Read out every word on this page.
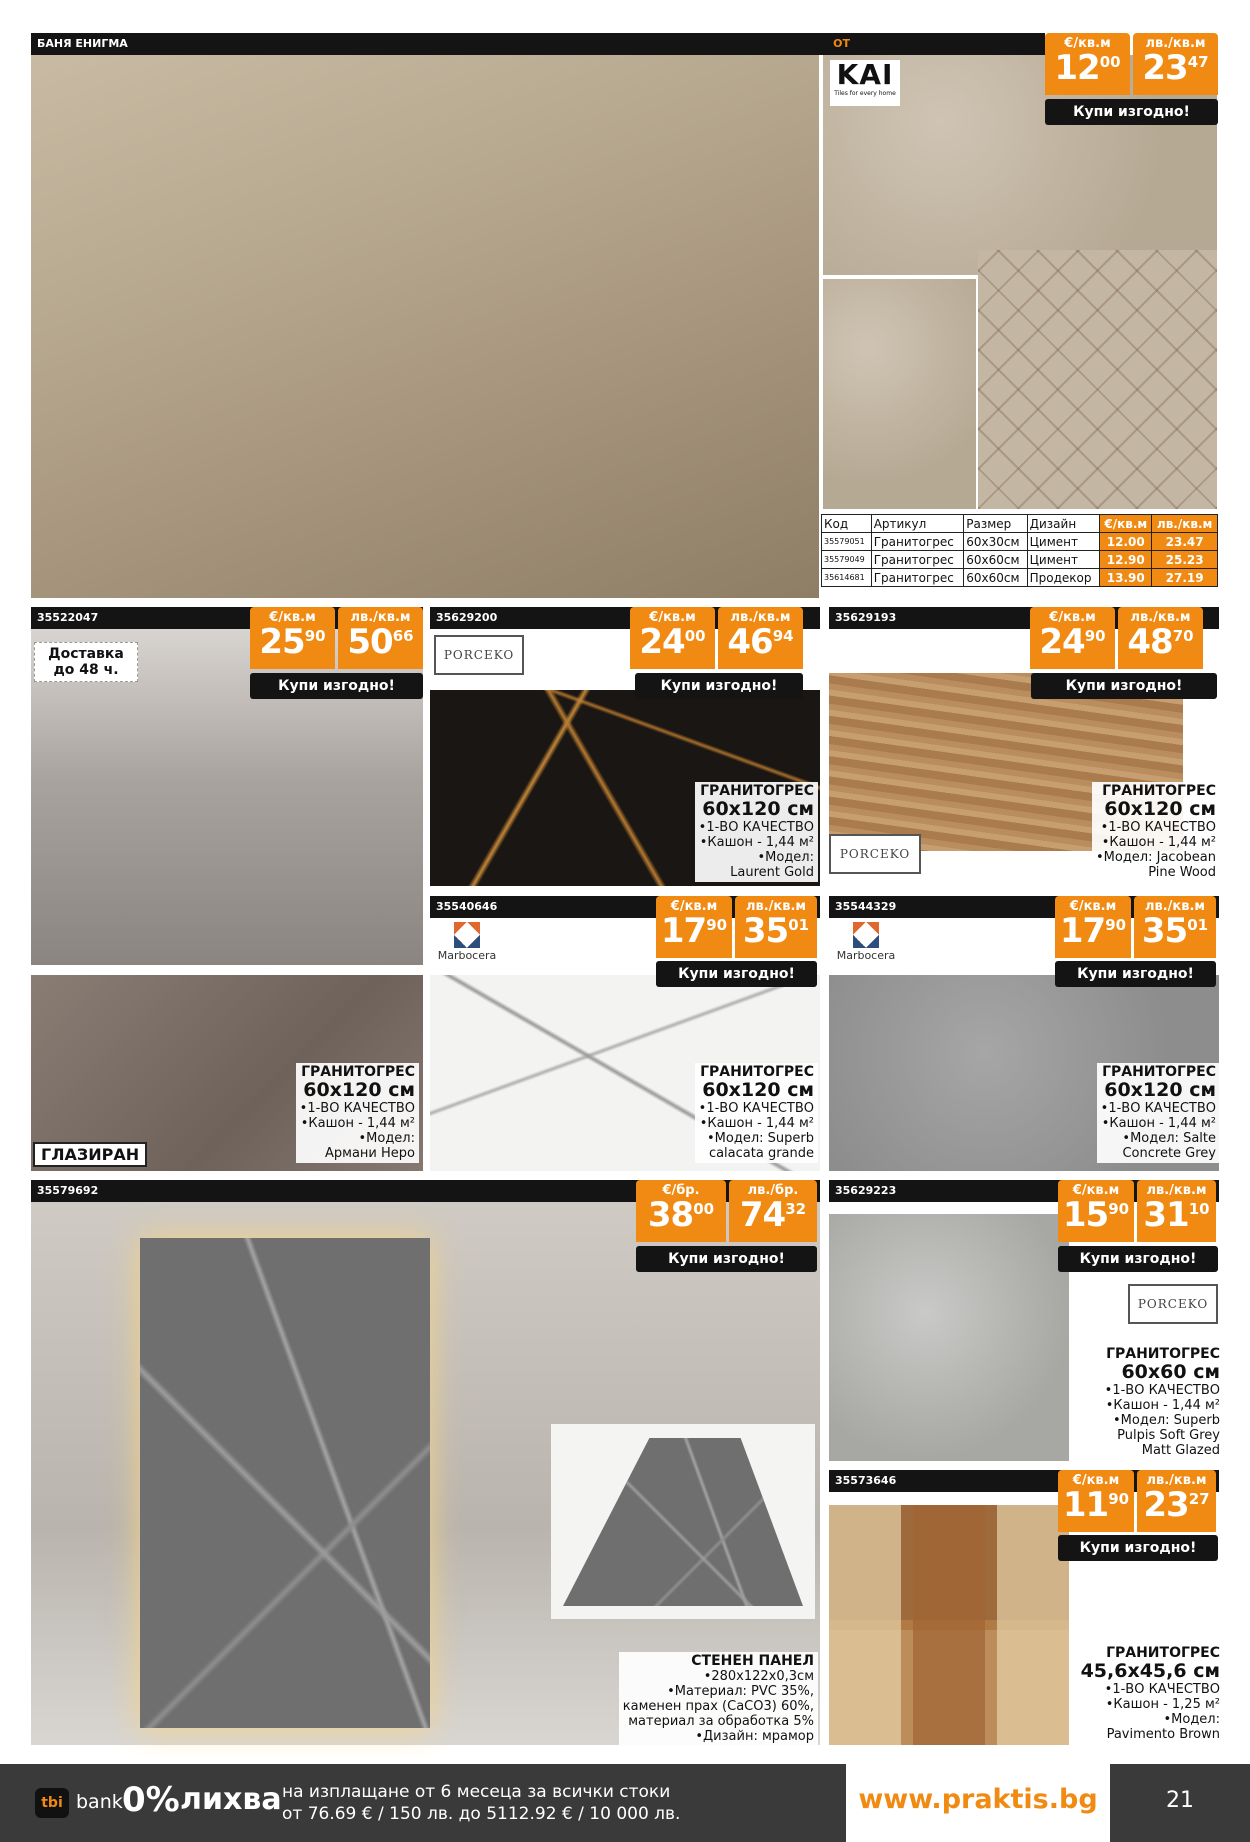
БАНЯ ЕНИГМА	ОТ
KAI
Tiles for every home
€/кв.м
1200
лв./кв.м
2347
Купи изгодно!
Код	Артикул	Размер	Дизайн	€/кв.м	лв./кв.м
35579051	Гранитогрес	60х30см	Цимент	12.00	23.47
35579049	Гранитогрес	60х60см	Цимент	12.90	25.23
35614681	Гранитогрес	60х60см	Продекор	13.90	27.19
35522047
Доставка до 48 ч.
€/кв.м
2590
лв./кв.м
5066
Купи изгодно!
ГРАНИТОГРЕС
60х120 см
•1-ВО КАЧЕСТВО
•Кашон - 1,44 м²
•Модел:
Армани Неро
ГЛАЗИРАН
35629200
PORCEKO
€/кв.м
2400
лв./кв.м
4694
Купи изгодно!
ГРАНИТОГРЕС
60х120 см
•1-ВО КАЧЕСТВО
•Кашон - 1,44 м²
•Модел:
Laurent Gold
35629193
PORCEKO
€/кв.м
2490
лв./кв.м
4870
Купи изгодно!
ГРАНИТОГРЕС
60х120 см
•1-ВО КАЧЕСТВО
•Кашон - 1,44 м²
•Модел: Jacobean
Pine Wood
35540646
Marbocera
€/кв.м
1790
лв./кв.м
3501
Купи изгодно!
ГРАНИТОГРЕС
60х120 см
•1-ВО КАЧЕСТВО
•Кашон - 1,44 м²
•Модел: Superb
calacata grande
35544329
Marbocera
€/кв.м
1790
лв./кв.м
3501
Купи изгодно!
ГРАНИТОГРЕС
60х120 см
•1-ВО КАЧЕСТВО
•Кашон - 1,44 м²
•Модел: Salte
Concrete Grey
35579692	€/бр.
3800
лв./бр.
7432
Купи изгодно!
СТЕНЕН ПАНЕЛ
•280х122х0,3см
•Материал: PVC 35%,
каменен прах (CaCO3) 60%,
материал за обработка 5%
•Дизайн: мрамор
35629223
PORCEKO
€/кв.м
1590
лв./кв.м
3110
Купи изгодно!
ГРАНИТОГРЕС
60х60 см
•1-ВО КАЧЕСТВО
•Кашон - 1,44 м²
•Модел: Superb
Pulpis Soft Grey
Matt Glazed
35573646	€/кв.м
1190
лв./кв.м
2327
Купи изгодно!
ГРАНИТОГРЕС
45,6х45,6 см
•1-ВО КАЧЕСТВО
•Кашон - 1,25 м²
•Модел:
Pavimento Brown
tbi bank 0% лихва на изплащане от 6 месеца за всички стоки
от 76.69 € / 150 лв. до 5112.92 € / 10 000 лв.	www.praktis.bg	21
